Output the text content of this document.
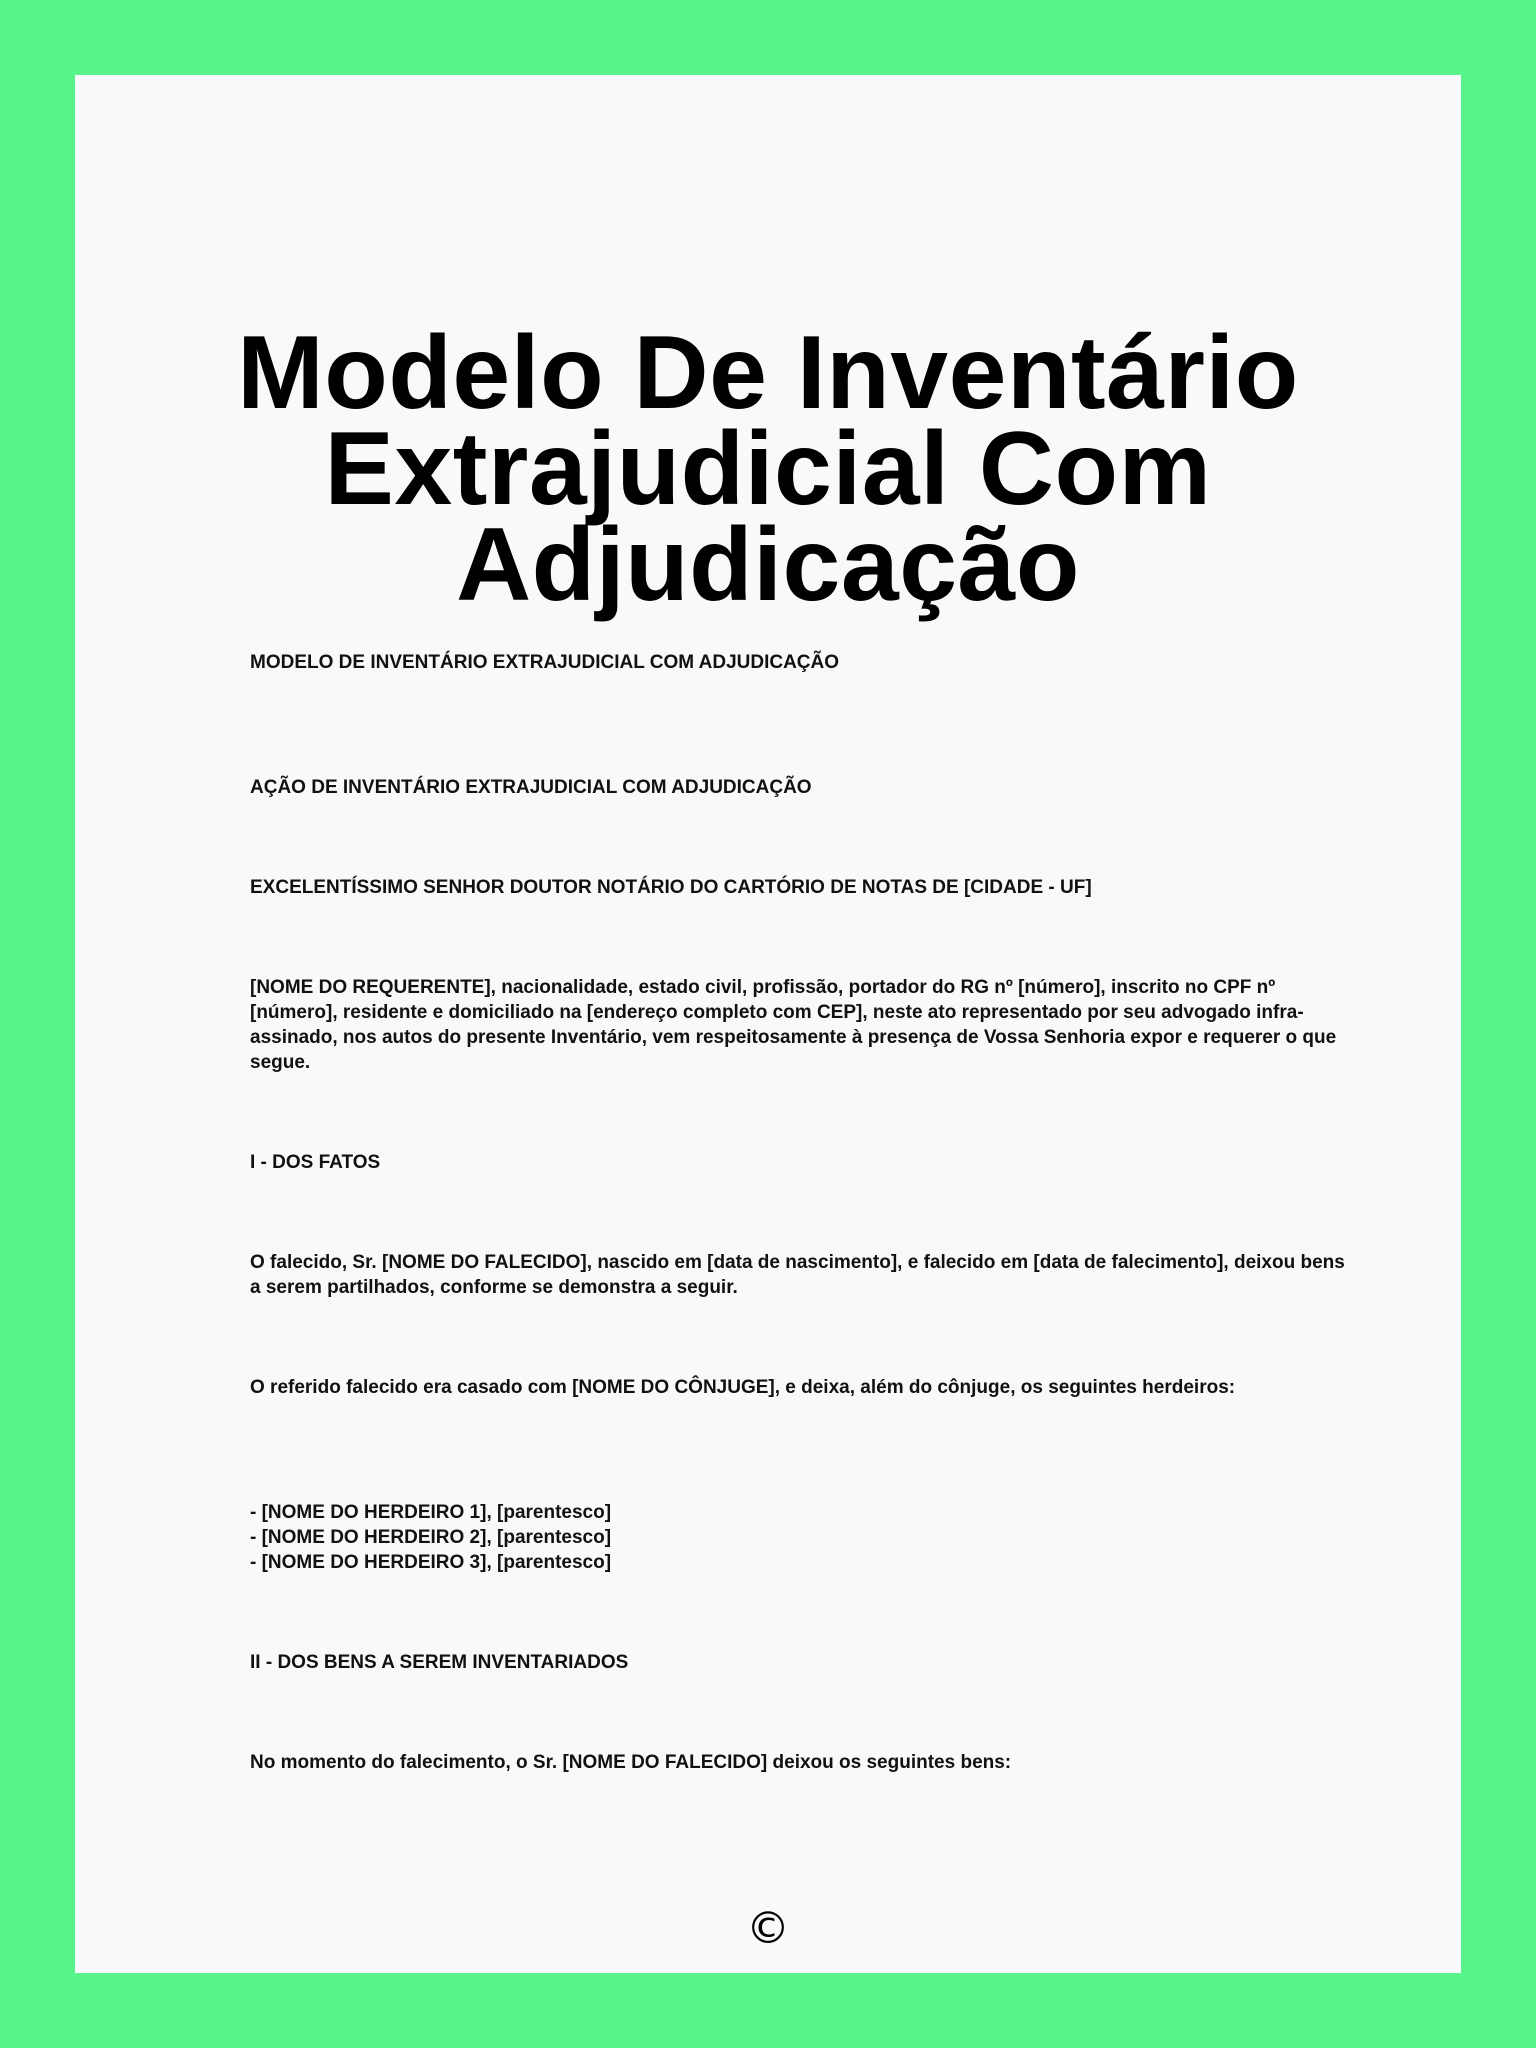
Modelo De Inventário Extrajudicial Com Adjudicação

MODELO DE INVENTÁRIO EXTRAJUDICIAL COM ADJUDICAÇÃO

AÇÃO DE INVENTÁRIO EXTRAJUDICIAL COM ADJUDICAÇÃO

EXCELENTÍSSIMO SENHOR DOUTOR NOTÁRIO DO CARTÓRIO DE NOTAS DE [CIDADE - UF]

[NOME DO REQUERENTE], nacionalidade, estado civil, profissão, portador do RG nº [número], inscrito no CPF nº [número], residente e domiciliado na [endereço completo com CEP], neste ato representado por seu advogado infra-assinado, nos autos do presente Inventário, vem respeitosamente à presença de Vossa Senhoria expor e requerer o que segue.

I - DOS FATOS

O falecido, Sr. [NOME DO FALECIDO], nascido em [data de nascimento], e falecido em [data de falecimento], deixou bens a serem partilhados, conforme se demonstra a seguir.

O referido falecido era casado com [NOME DO CÔNJUGE], e deixa, além do cônjuge, os seguintes herdeiros:

- [NOME DO HERDEIRO 1], [parentesco]
- [NOME DO HERDEIRO 2], [parentesco]
- [NOME DO HERDEIRO 3], [parentesco]

II - DOS BENS A SEREM INVENTARIADOS

No momento do falecimento, o Sr. [NOME DO FALECIDO] deixou os seguintes bens:

©
